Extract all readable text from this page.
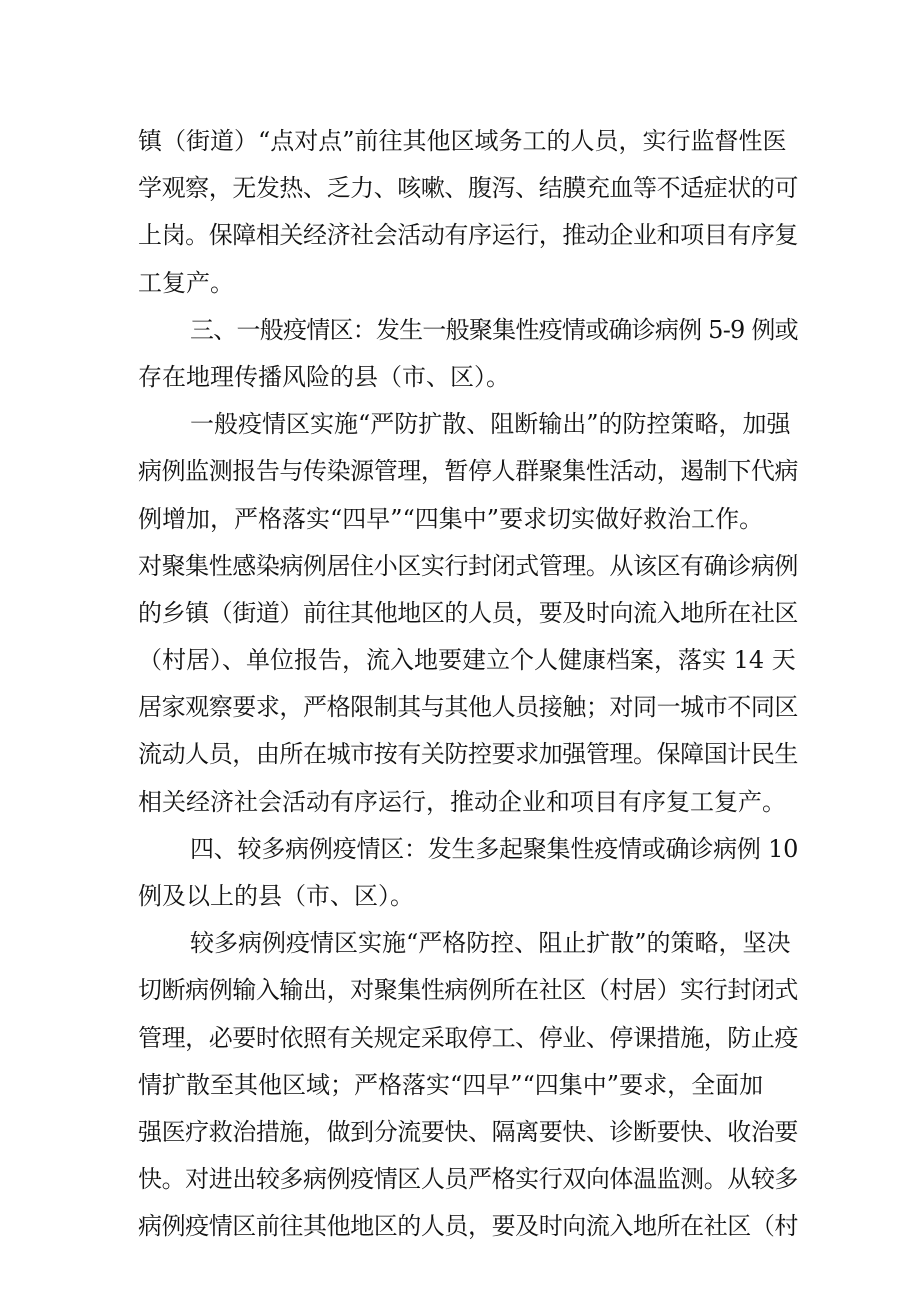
镇（街道）“点对点”前往其他区域务工的人员，实行监督性医
学观察，无发热、乏力、咳嗽、腹泻、结膜充血等不适症状的可
上岗。保障相关经济社会活动有序运行，推动企业和项目有序复
工复产。
三、一般疫情区：发生一般聚集性疫情或确诊病例 5-9 例或
存在地理传播风险的县（市、区）。
一般疫情区实施“严防扩散、阻断输出”的防控策略，加强
病例监测报告与传染源管理，暂停人群聚集性活动，遏制下代病
例增加，严格落实“四早”“四集中”要求切实做好救治工作。
对聚集性感染病例居住小区实行封闭式管理。从该区有确诊病例
的乡镇（街道）前往其他地区的人员，要及时向流入地所在社区
（村居）、单位报告，流入地要建立个人健康档案，落实 14 天
居家观察要求，严格限制其与其他人员接触；对同一城市不同区
流动人员，由所在城市按有关防控要求加强管理。保障国计民生
相关经济社会活动有序运行，推动企业和项目有序复工复产。
四、较多病例疫情区：发生多起聚集性疫情或确诊病例 10
例及以上的县（市、区）。
较多病例疫情区实施“严格防控、阻止扩散”的策略，坚决
切断病例输入输出，对聚集性病例所在社区（村居）实行封闭式
管理，必要时依照有关规定采取停工、停业、停课措施，防止疫
情扩散至其他区域；严格落实“四早”“四集中”要求，全面加
强医疗救治措施，做到分流要快、隔离要快、诊断要快、收治要
快。对进出较多病例疫情区人员严格实行双向体温监测。从较多
病例疫情区前往其他地区的人员，要及时向流入地所在社区（村
